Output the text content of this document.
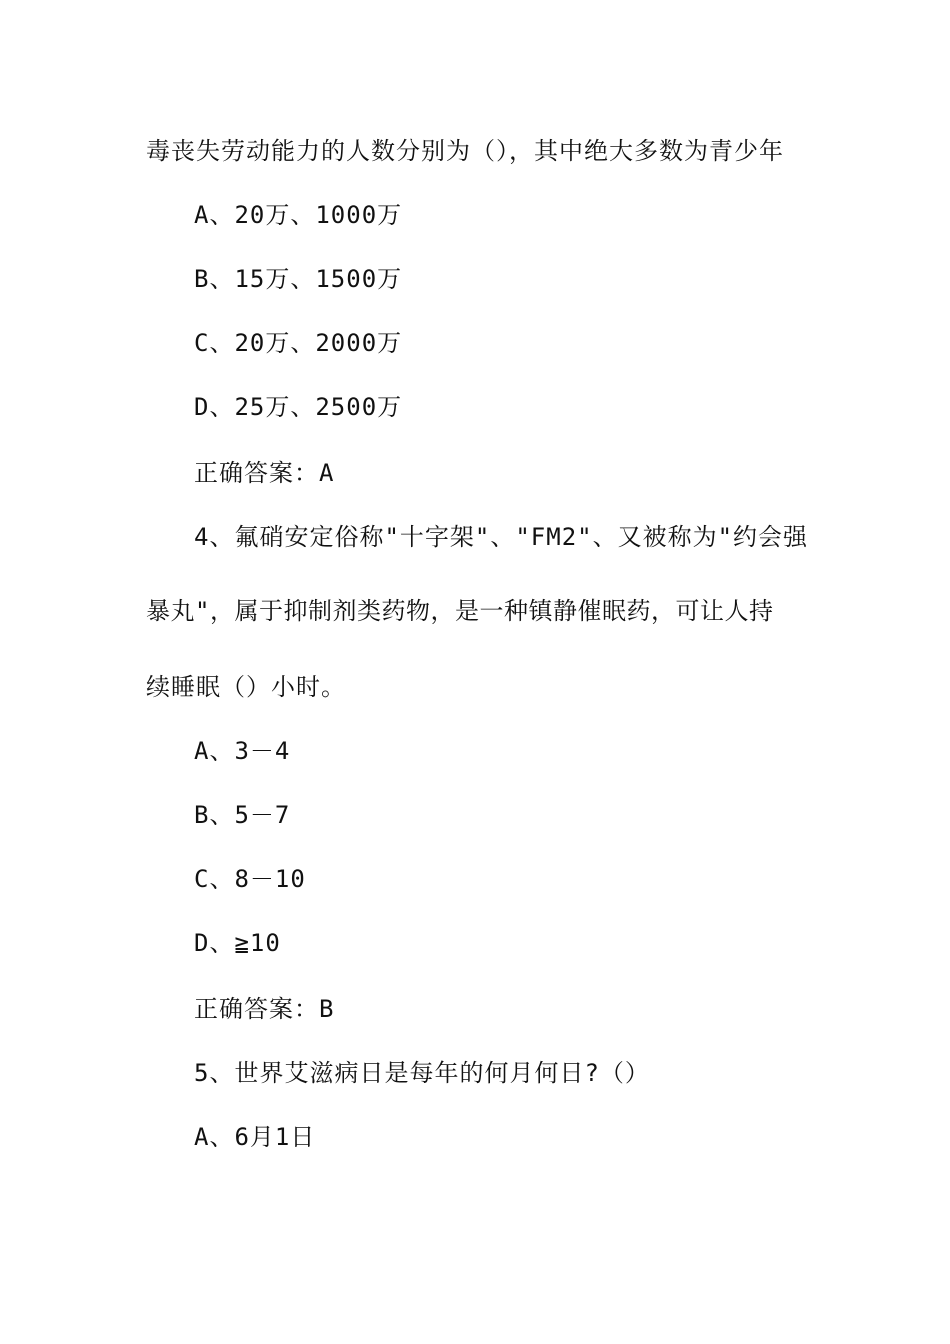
毒丧失劳动能力的人数分别为（），其中绝大多数为青少年
A、20万、1000万
B、15万、1500万
C、20万、2000万
D、25万、2500万
正确答案：A
4、氟硝安定俗称"十字架"、"FM2"、又被称为"约会强
暴丸"，属于抑制剂类药物，是一种镇静催眠药，可让人持
续睡眠（）小时。
A、3－4
B、5－7
C、8－10
D、≧10
正确答案：B
5、世界艾滋病日是每年的何月何日?（）
A、6月1日
